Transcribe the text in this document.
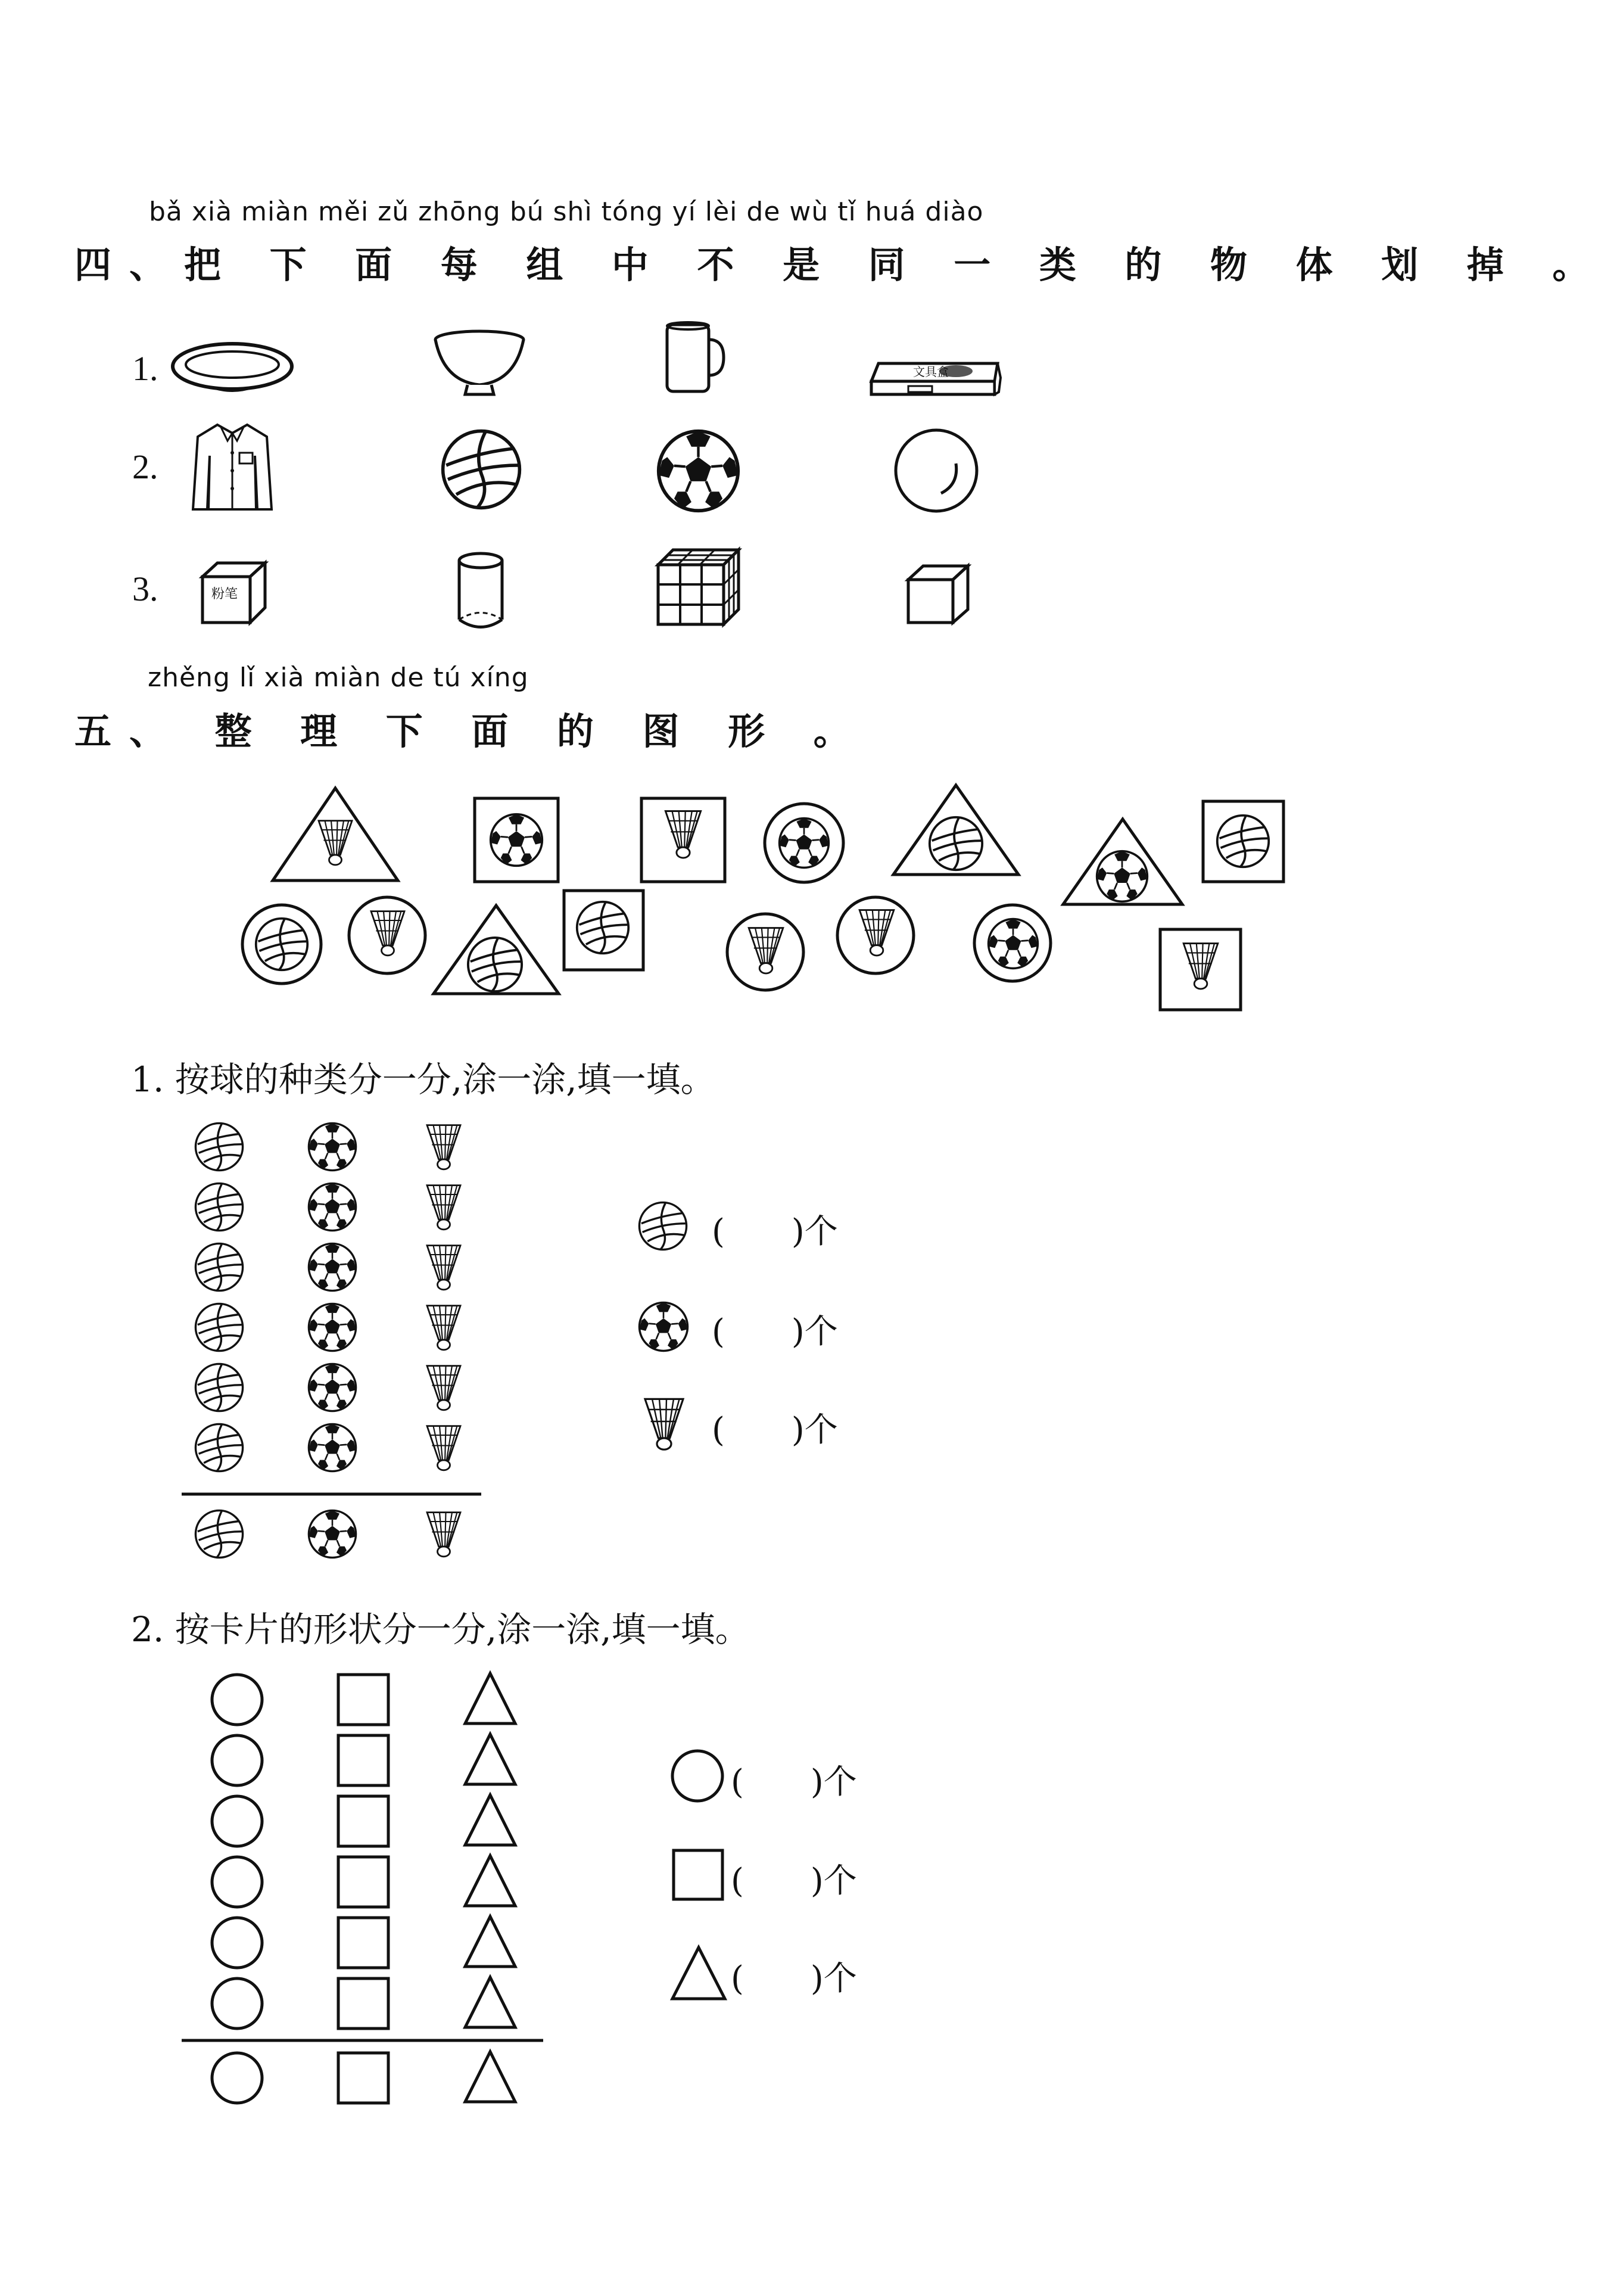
bǎ xià miàn měi zǔ zhōng bú shì tóng yí lèi de wù tǐ huá diào
四、把 下 面 每 组 中 不 是 同 一 类 的 物 体 划 掉 。
1.
2.
3.
文具盒
粉笔
zhěng lǐ xià miàn de tú xíng
五、 整 理 下 面 的 图 形 。
1. 按球的种类分一分,涂一涂,填一填。
(　　)个
(　　)个
(　　)个
2. 按卡片的形状分一分,涂一涂,填一填。
(　　)个
(　　)个
(　　)个
